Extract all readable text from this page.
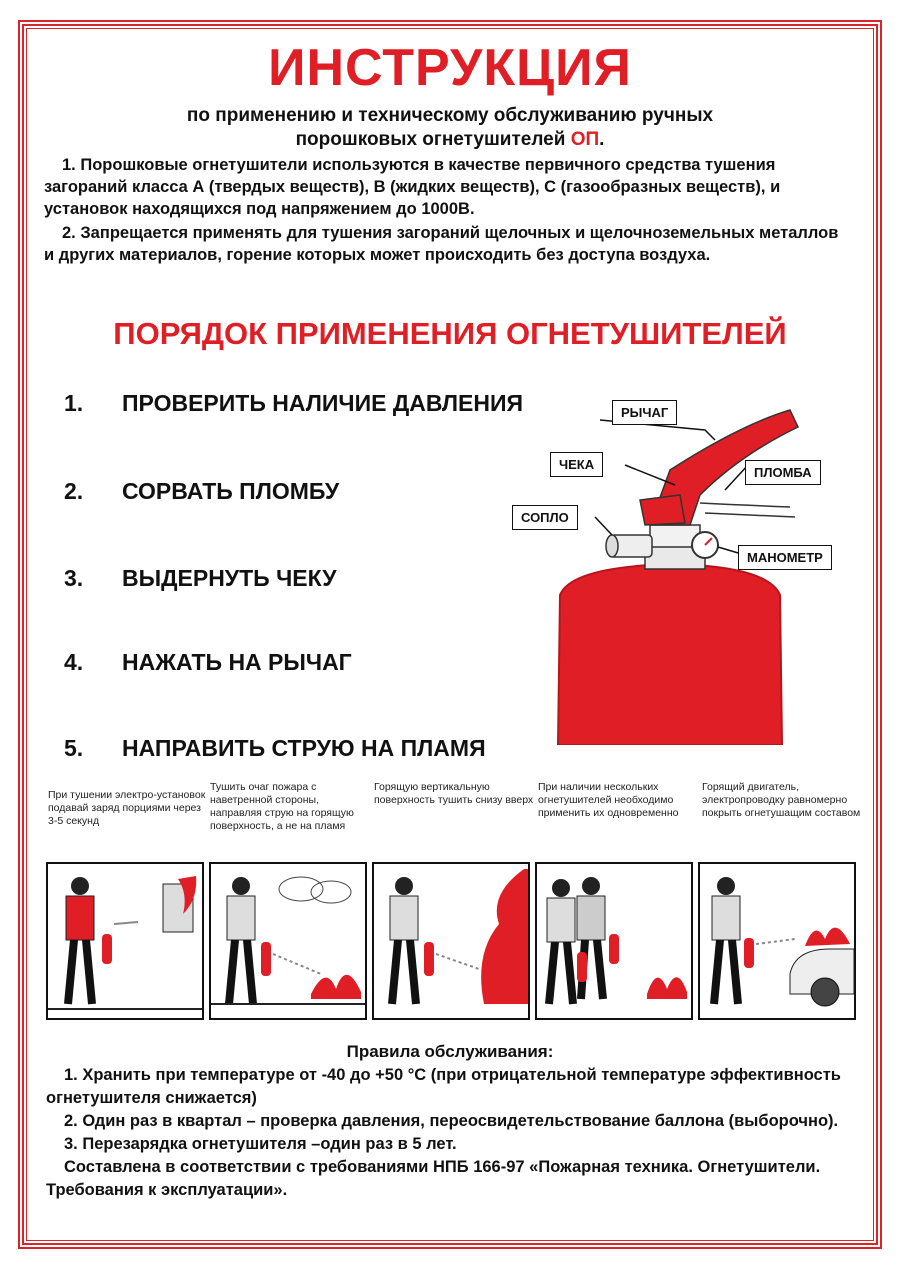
ИНСТРУКЦИЯ
по применению и техническому обслуживанию ручных
порошковых огнетушителей ОП.
1. Порошковые огнетушители используются в качестве первичного средства тушения загораний класса А (твердых веществ), В (жидких веществ), С (газообразных веществ), и установок находящихся под напряжением до 1000В.
2. Запрещается применять для тушения загораний щелочных и щелочноземельных металлов и других материалов, горение которых может происходить без доступа воздуха.
ПОРЯДОК ПРИМЕНЕНИЯ ОГНЕТУШИТЕЛЕЙ
1. ПРОВЕРИТЬ НАЛИЧИЕ ДАВЛЕНИЯ
2. СОРВАТЬ ПЛОМБУ
3. ВЫДЕРНУТЬ ЧЕКУ
4. НАЖАТЬ НА РЫЧАГ
5. НАПРАВИТЬ СТРУЮ НА ПЛАМЯ
РЫЧАГ
ЧЕКА
ПЛОМБА
СОПЛО
МАНОМЕТР
При тушении электро-установок подавай заряд порциями через 3-5 секунд
Тушить очаг пожара с наветренной стороны, направляя струю на горящую поверхность, а не на пламя
Горящую вертикальную поверхность тушить снизу вверх
При наличии нескольких огнетушителей необходимо применить их одновременно
Горящий двигатель, электропроводку равномерно покрыть огнетушащим составом
Правила обслуживания:
1. Хранить при температуре от -40 до +50 °С (при отрицательной температуре эффективность огнетушителя снижается)
2. Один раз в квартал – проверка давления, переосвидетельствование баллона (выборочно).
3. Перезарядка огнетушителя –один раз в 5 лет.
Составлена в соответствии с требованиями НПБ 166-97 «Пожарная техника. Огнетушители. Требования к эксплуатации».
